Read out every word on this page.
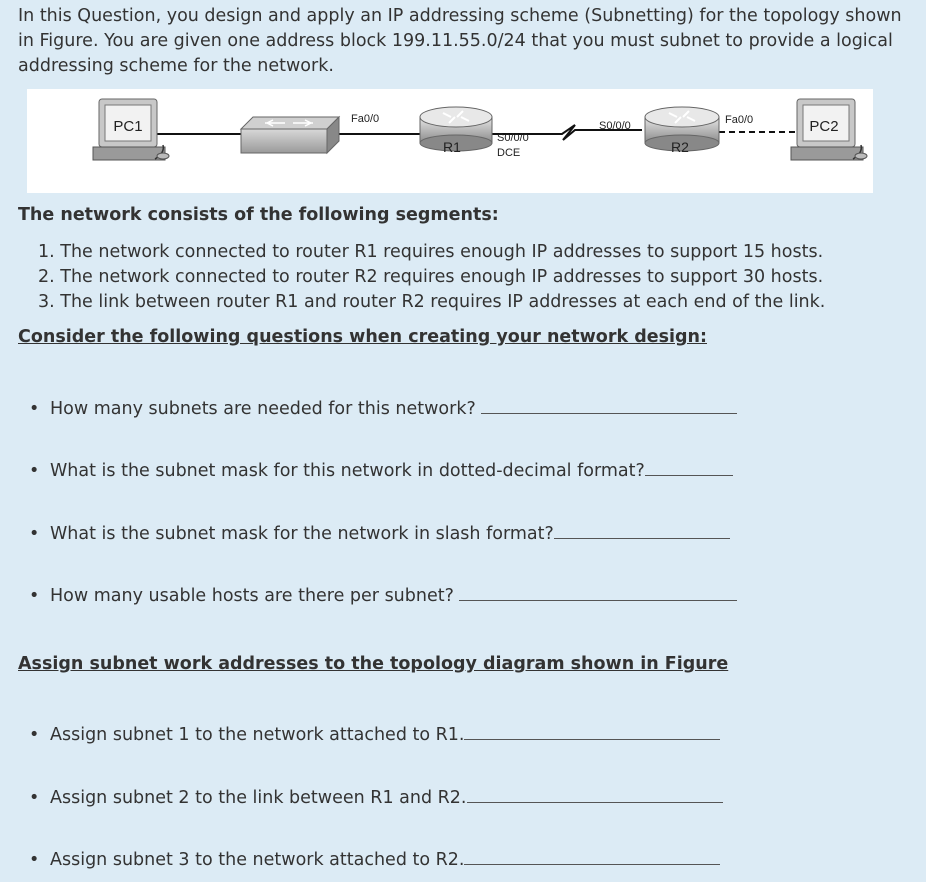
In this Question, you design and apply an IP addressing scheme (Subnetting) for the topology shown in Figure. You are given one address block 199.11.55.0/24 that you must subnet to provide a logical addressing scheme for the network.

PC1
R1
Fa0/0
S0/0/0
DCE	R2
S0/0/0	Fa0/0	PC2

The network consists of the following segments:

1. The network connected to router R1 requires enough IP addresses to support 15 hosts.
2. The network connected to router R2 requires enough IP addresses to support 30 hosts.
3. The link between router R1 and router R2 requires IP addresses at each end of the link.

Consider the following questions when creating your network design:

• How many subnets are needed for this network?

• What is the subnet mask for this network in dotted-decimal format?

• What is the subnet mask for the network in slash format?

• How many usable hosts are there per subnet?

Assign subnet work addresses to the topology diagram shown in Figure

• Assign subnet 1 to the network attached to R1.

• Assign subnet 2 to the link between R1 and R2.

• Assign subnet 3 to the network attached to R2.
